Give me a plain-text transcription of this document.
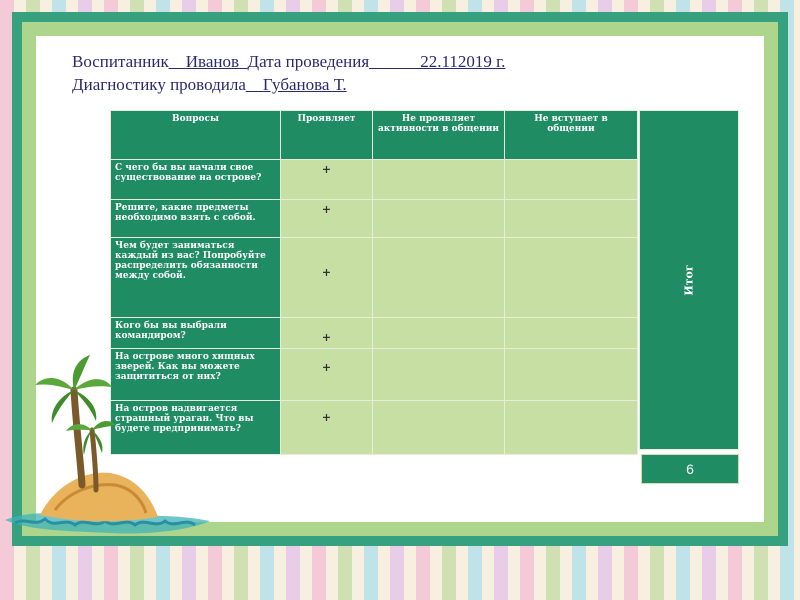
Воспитанник__Иванов_Дата проведения______22.112019 г.
Диагностику проводила__Губанова Т.
Вопросы	Проявляет	Не проявляет активности в общении	Не вступает в общении
С чего бы вы начали свое существование на острове?	+		
Решите, какие предметы необходимо взять с собой.	+		
Чем будет заниматься каждый из вас? Попробуйте распределить обязанности между собой.	+		
Кого бы вы выбрали командиром?	+		
На острове много хищных зверей. Как вы можете защититься от них?	+		
На остров надвигается страшный ураган. Что вы будете предпринимать?	+		
Итог
6
